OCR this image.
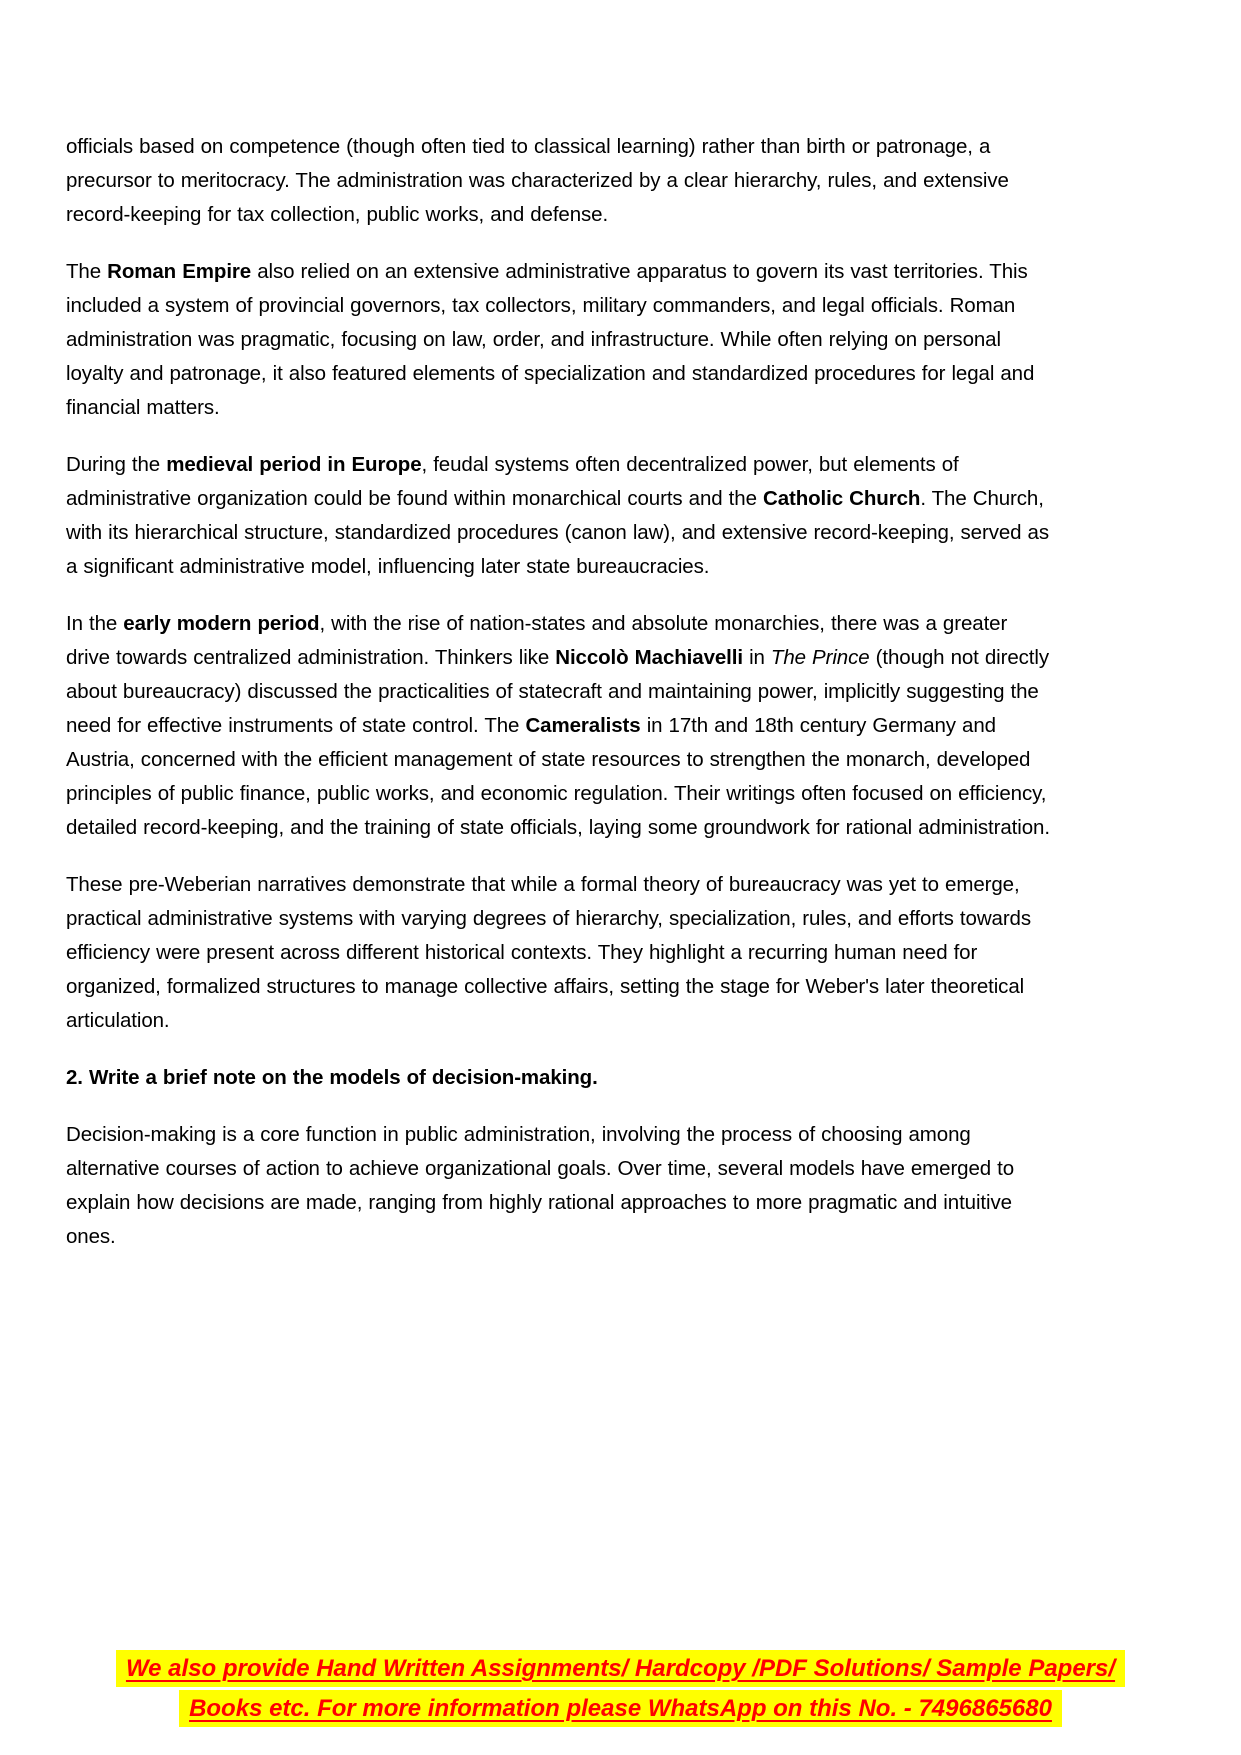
officials based on competence (though often tied to classical learning) rather than birth or patronage, a precursor to meritocracy. The administration was characterized by a clear hierarchy, rules, and extensive record-keeping for tax collection, public works, and defense.

The Roman Empire also relied on an extensive administrative apparatus to govern its vast territories. This included a system of provincial governors, tax collectors, military commanders, and legal officials. Roman administration was pragmatic, focusing on law, order, and infrastructure. While often relying on personal loyalty and patronage, it also featured elements of specialization and standardized procedures for legal and financial matters.

During the medieval period in Europe, feudal systems often decentralized power, but elements of administrative organization could be found within monarchical courts and the Catholic Church. The Church, with its hierarchical structure, standardized procedures (canon law), and extensive record-keeping, served as a significant administrative model, influencing later state bureaucracies.

In the early modern period, with the rise of nation-states and absolute monarchies, there was a greater drive towards centralized administration. Thinkers like Niccolò Machiavelli in The Prince (though not directly about bureaucracy) discussed the practicalities of statecraft and maintaining power, implicitly suggesting the need for effective instruments of state control. The Cameralists in 17th and 18th century Germany and Austria, concerned with the efficient management of state resources to strengthen the monarch, developed principles of public finance, public works, and economic regulation. Their writings often focused on efficiency, detailed record-keeping, and the training of state officials, laying some groundwork for rational administration.

These pre-Weberian narratives demonstrate that while a formal theory of bureaucracy was yet to emerge, practical administrative systems with varying degrees of hierarchy, specialization, rules, and efforts towards efficiency were present across different historical contexts. They highlight a recurring human need for organized, formalized structures to manage collective affairs, setting the stage for Weber's later theoretical articulation.

2. Write a brief note on the models of decision-making.

Decision-making is a core function in public administration, involving the process of choosing among alternative courses of action to achieve organizational goals. Over time, several models have emerged to explain how decisions are made, ranging from highly rational approaches to more pragmatic and intuitive ones.

We also provide Hand Written Assignments/ Hardcopy /PDF Solutions/ Sample Papers/
Books etc. For more information please WhatsApp on this No. - 7496865680
